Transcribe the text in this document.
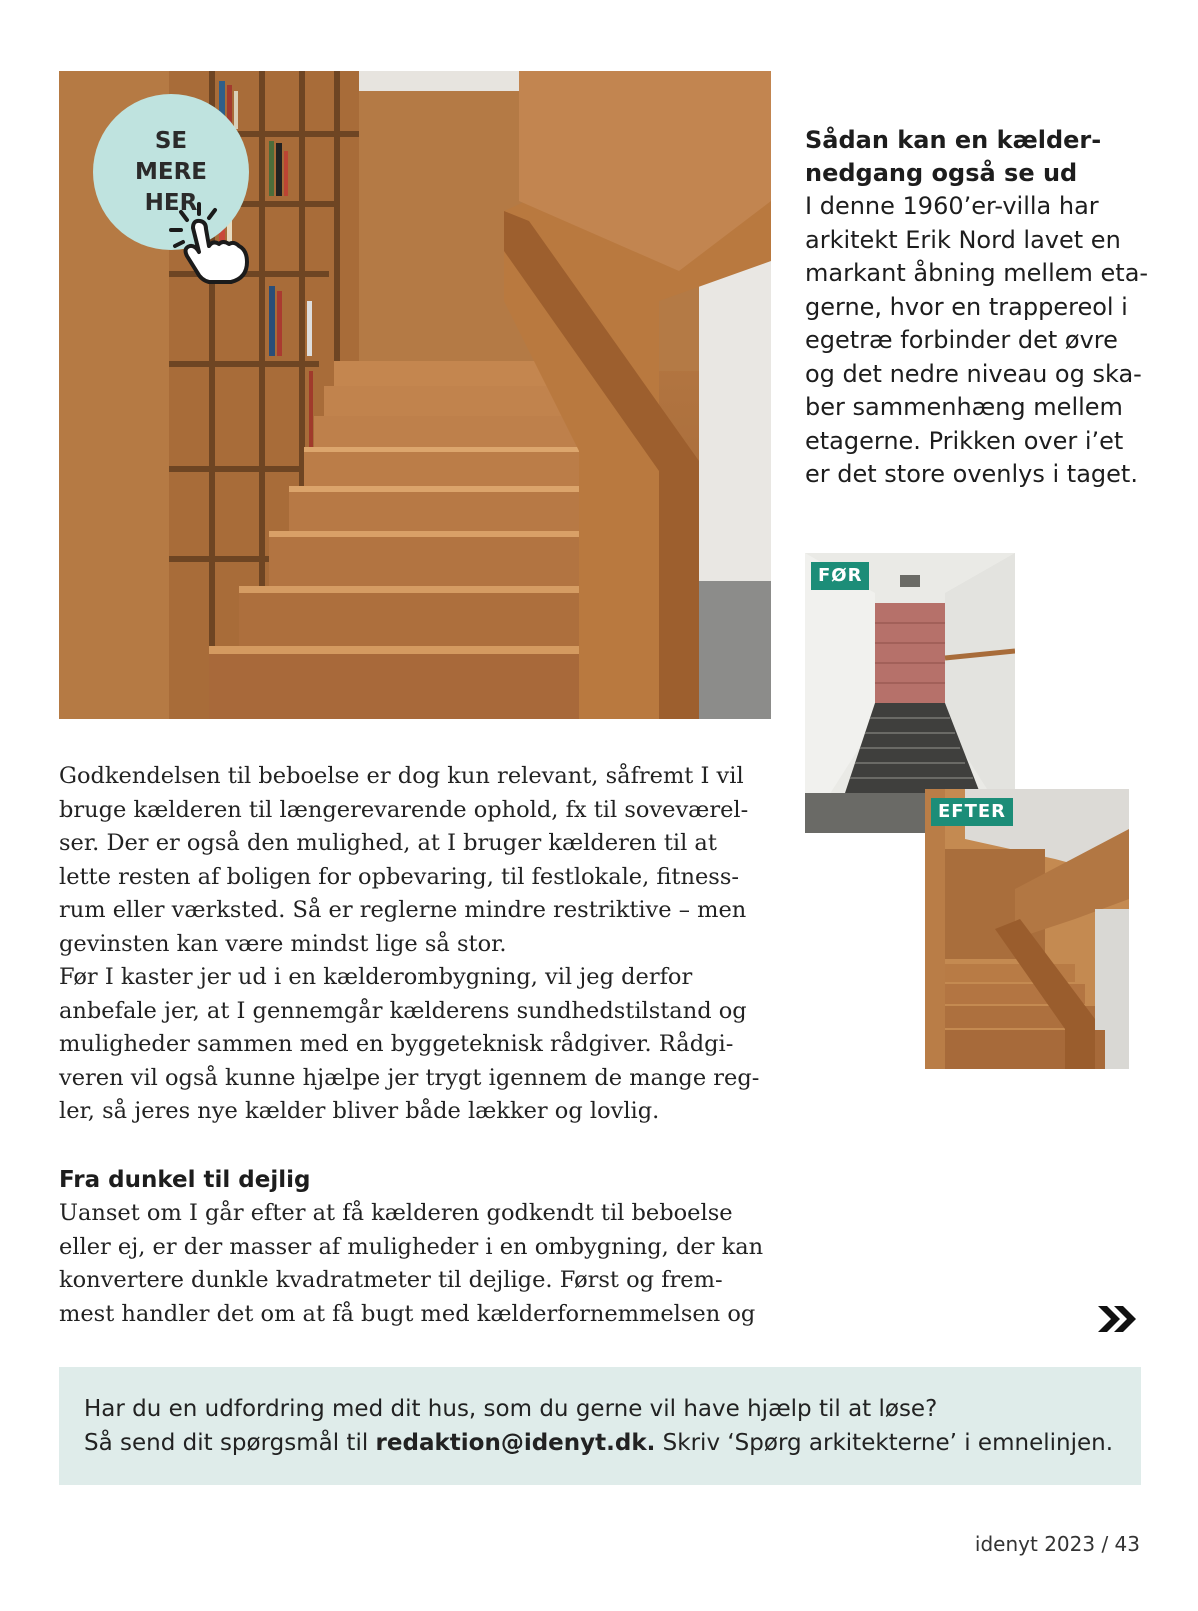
SE
MERE
HER
Sådan kan en kælder-
nedgang også se ud
I denne 1960’er-villa har
arkitekt Erik Nord lavet en
markant åbning mellem eta-
gerne, hvor en trappereol i
egetræ forbinder det øvre
og det nedre niveau og ska-
ber sammenhæng mellem
etagerne. Prikken over i’et
er det store ovenlys i taget.
FØR
EFTER
Godkendelsen til beboelse er dog kun relevant, såfremt I vil
bruge kælderen til længerevarende ophold, fx til soveværel-
ser. Der er også den mulighed, at I bruger kælderen til at
lette resten af boligen for opbevaring, til festlokale, fitness-
rum eller værksted. Så er reglerne mindre restriktive – men
gevinsten kan være mindst lige så stor.
Før I kaster jer ud i en kælderombygning, vil jeg derfor
anbefale jer, at I gennemgår kælderens sundhedstilstand og
muligheder sammen med en byggeteknisk rådgiver. Rådgi-
veren vil også kunne hjælpe jer trygt igennem de mange reg-
ler, så jeres nye kælder bliver både lækker og lovlig.
Fra dunkel til dejlig
Uanset om I går efter at få kælderen godkendt til beboelse
eller ej, er der masser af muligheder i en ombygning, der kan
konvertere dunkle kvadratmeter til dejlige. Først og frem-
mest handler det om at få bugt med kælderfornemmelsen og
Har du en udfordring med dit hus, som du gerne vil have hjælp til at løse?
Så send dit spørgsmål til redaktion@idenyt.dk. Skriv ‘Spørg arkitekterne’ i emnelinjen.
idenyt 2023 / 43
